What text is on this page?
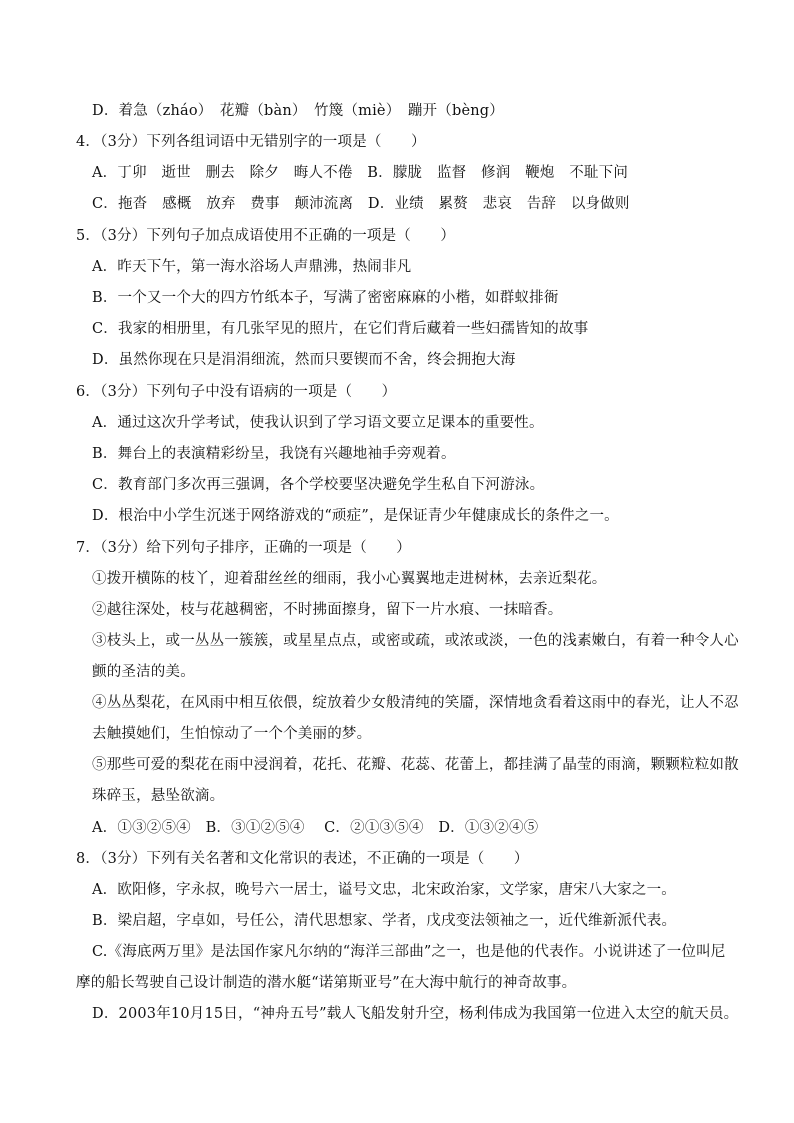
D．着急（zháo）　花瓣（bàn）　竹篾（miè）　蹦开（bèng）
4．（3分）下列各组词语中无错别字的一项是（　　）
A．丁卯　逝世　删去　除夕　晦人不倦　B．朦胧　监督　修润　鞭炮　不耻下问
C．拖沓　感概　放弃　费事　颠沛流离　D．业绩　累赘　悲哀　告辞　以身做则
5．（3分）下列句子加点成语使用不正确的一项是（　　）
A．昨天下午，第一海水浴场人声鼎沸，热闹非凡
B．一个又一个大的四方竹纸本子，写满了密密麻麻的小楷，如群蚁排衙
C．我家的相册里，有几张罕见的照片，在它们背后藏着一些妇孺皆知的故事
D．虽然你现在只是涓涓细流，然而只要锲而不舍，终会拥抱大海
6．（3分）下列句子中没有语病的一项是（　　）
A．通过这次升学考试，使我认识到了学习语文要立足课本的重要性。
B．舞台上的表演精彩纷呈，我饶有兴趣地袖手旁观着。
C．教育部门多次再三强调，各个学校要坚决避免学生私自下河游泳。
D．根治中小学生沉迷于网络游戏的“顽症”，是保证青少年健康成长的条件之一。
7．（3分）给下列句子排序，正确的一项是（　　）
①拨开横陈的枝丫，迎着甜丝丝的细雨，我小心翼翼地走进树林，去亲近梨花。
②越往深处，枝与花越稠密，不时拂面擦身，留下一片水痕、一抹暗香。
③枝头上，或一丛丛一簇簇，或星星点点，或密或疏，或浓或淡，一色的浅素嫩白，有着一种令人心
颤的圣洁的美。
④丛丛梨花，在风雨中相互依偎，绽放着少女般清纯的笑靥，深情地贪看着这雨中的春光，让人不忍
去触摸她们，生怕惊动了一个个美丽的梦。
⑤那些可爱的梨花在雨中浸润着，花托、花瓣、花蕊、花蕾上，都挂满了晶莹的雨滴，颗颗粒粒如散
珠碎玉，悬坠欲滴。
A．①③②⑤④　B．③①②⑤④　 C．②①③⑤④　D．①③②④⑤
8．（3分）下列有关名著和文化常识的表述，不正确的一项是（　　）
A．欧阳修，字永叔，晚号六一居士，谥号文忠，北宋政治家，文学家，唐宋八大家之一。
B．梁启超，字卓如，号任公，清代思想家、学者，戊戌变法领袖之一，近代维新派代表。
C.《海底两万里》是法国作家凡尔纳的“海洋三部曲”之一，也是他的代表作。小说讲述了一位叫尼
摩的船长驾驶自己设计制造的潜水艇“诺第斯亚号”在大海中航行的神奇故事。
D．2003年10月15日，“神舟五号”载人飞船发射升空，杨利伟成为我国第一位进入太空的航天员。
